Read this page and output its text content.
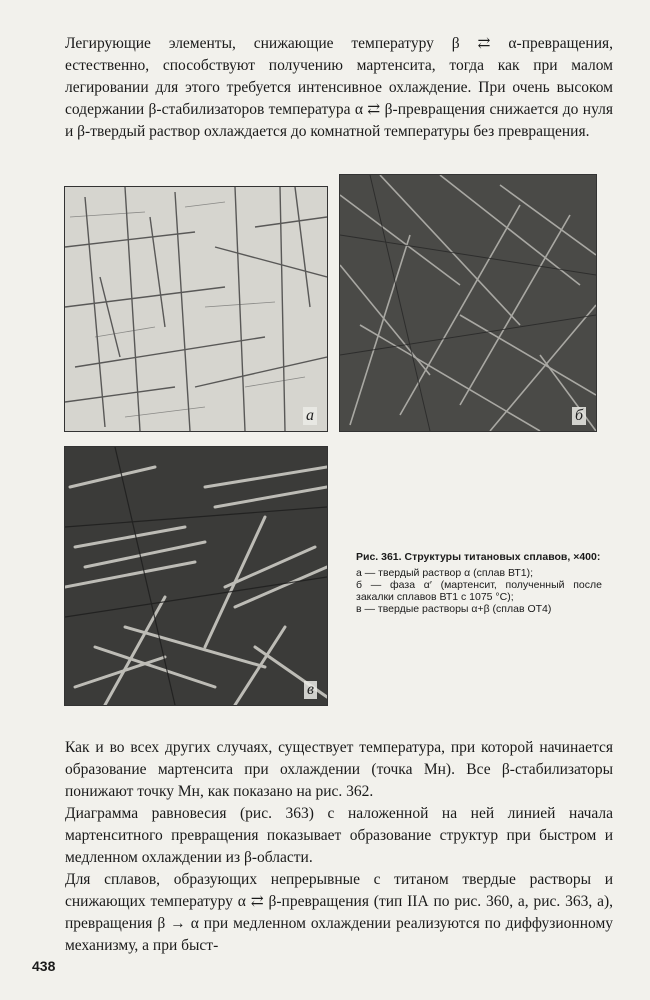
Легирующие элементы, снижающие температуру β ⇄ α-превращения, естественно, способствуют получению мартенсита, тогда как при малом легировании для этого требуется интенсивное охлаждение. При очень высоком содержании β-стабилизаторов температура α ⇄ β-превращения снижается до нуля и β-твердый раствор охлаждается до комнатной температуры без превращения.

а	б
в

Рис. 361. Структуры титановых сплавов, ×400:

а — твердый раствор α (сплав ВТ1);

б — фаза α′ (мартенсит, полученный после закалки сплавов ВТ1 с 1075 °С);

в — твердые растворы α+β (сплав ОТ4)

Как и во всех других случаях, существует температура, при которой начинается образование мартенсита при охлаждении (точка Мн). Все β-стабилизаторы понижают точку Мн, как показано на рис. 362.

Диаграмма равновесия (рис. 363) с наложенной на ней линией начала мартенситного превращения показывает образование структур при быстром и медленном охлаждении из β-области.

Для сплавов, образующих непрерывные с титаном твердые растворы и снижающих температуру α ⇄ β-превращения (тип IIА по рис. 360, а, рис. 363, а), превращения β → α при медленном охлаждении реализуются по диффузионному механизму, а при быст-

438
